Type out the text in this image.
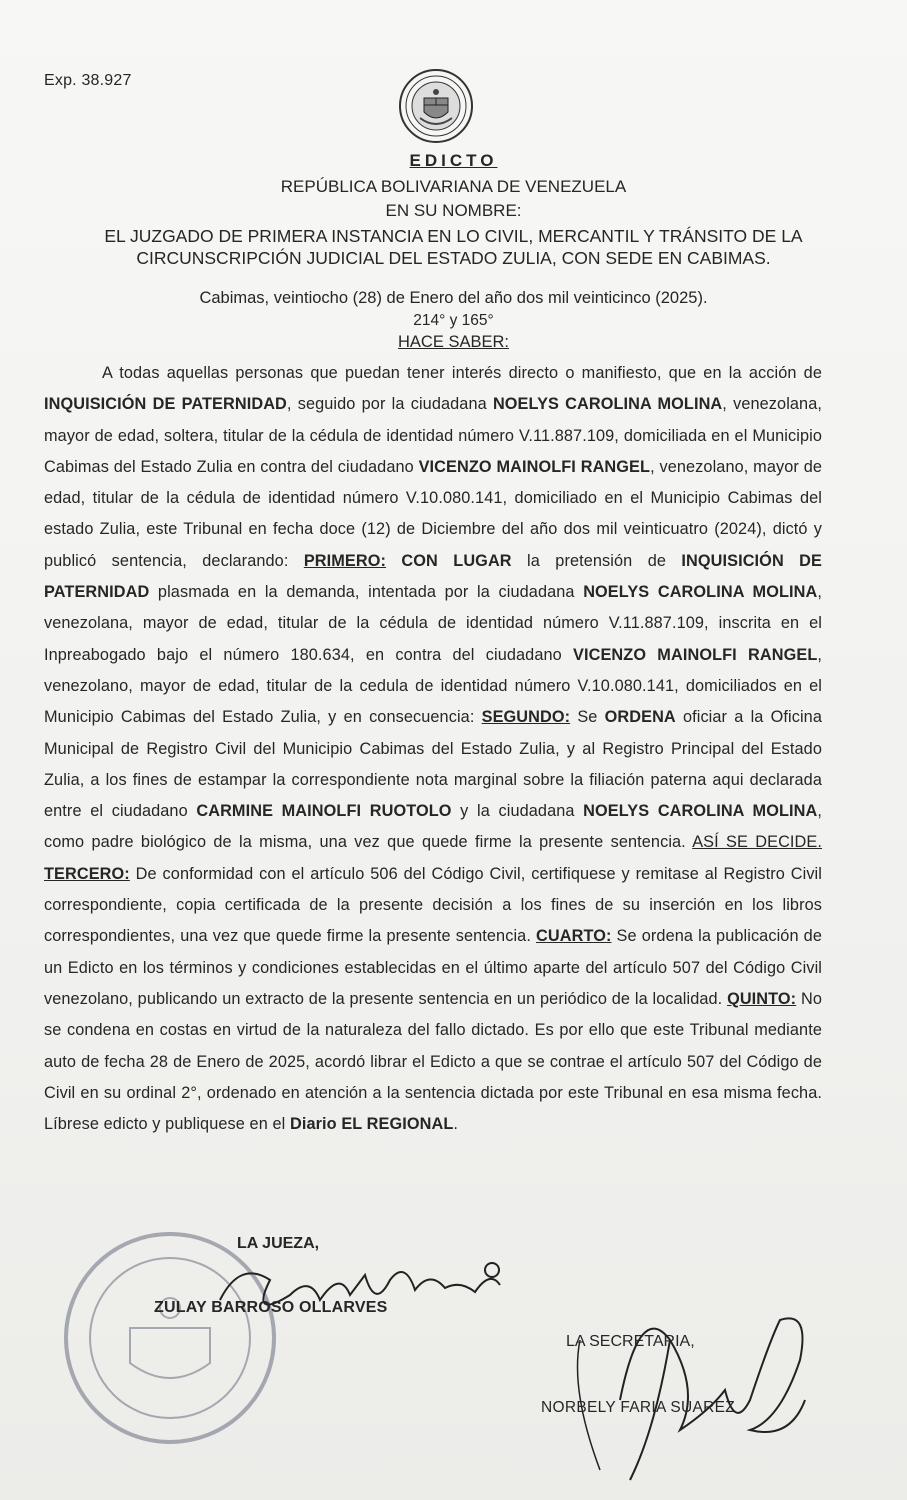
Exp. 38.927
EDICTO
REPÚBLICA BOLIVARIANA DE VENEZUELA
EN SU NOMBRE:
EL JUZGADO DE PRIMERA INSTANCIA EN LO CIVIL, MERCANTIL Y TRÁNSITO DE LA
CIRCUNSCRIPCIÓN JUDICIAL DEL ESTADO ZULIA, CON SEDE EN CABIMAS.
Cabimas, veintiocho (28) de Enero del año dos mil veinticinco (2025).
214° y 165°
HACE SABER:
A todas aquellas personas que puedan tener interés directo o manifiesto, que en la acción de INQUISICIÓN DE PATERNIDAD, seguido por la ciudadana NOELYS CAROLINA MOLINA, venezolana, mayor de edad, soltera, titular de la cédula de identidad número V.11.887.109, domiciliada en el Municipio Cabimas del Estado Zulia en contra del ciudadano VICENZO MAINOLFI RANGEL, venezolano, mayor de edad, titular de la cédula de identidad número V.10.080.141, domiciliado en el Municipio Cabimas del estado Zulia, este Tribunal en fecha doce (12) de Diciembre del año dos mil veinticuatro (2024), dictó y publicó sentencia, declarando: PRIMERO: CON LUGAR la pretensión de INQUISICIÓN DE PATERNIDAD plasmada en la demanda, intentada por la ciudadana NOELYS CAROLINA MOLINA, venezolana, mayor de edad, titular de la cédula de identidad número V.11.887.109, inscrita en el Inpreabogado bajo el número 180.634, en contra del ciudadano VICENZO MAINOLFI RANGEL, venezolano, mayor de edad, titular de la cedula de identidad número V.10.080.141, domiciliados en el Municipio Cabimas del Estado Zulia, y en consecuencia: SEGUNDO: Se ORDENA oficiar a la Oficina Municipal de Registro Civil del Municipio Cabimas del Estado Zulia, y al Registro Principal del Estado Zulia, a los fines de estampar la correspondiente nota marginal sobre la filiación paterna aqui declarada entre el ciudadano CARMINE MAINOLFI RUOTOLO y la ciudadana NOELYS CAROLINA MOLINA, como padre biológico de la misma, una vez que quede firme la presente sentencia. ASÍ SE DECIDE. TERCERO: De conformidad con el artículo 506 del Código Civil, certifiquese y remitase al Registro Civil correspondiente, copia certificada de la presente decisión a los fines de su inserción en los libros correspondientes, una vez que quede firme la presente sentencia. CUARTO: Se ordena la publicación de un Edicto en los términos y condiciones establecidas en el último aparte del artículo 507 del Código Civil venezolano, publicando un extracto de la presente sentencia en un periódico de la localidad. QUINTO: No se condena en costas en virtud de la naturaleza del fallo dictado. Es por ello que este Tribunal mediante auto de fecha 28 de Enero de 2025, acordó librar el Edicto a que se contrae el artículo 507 del Código de Civil en su ordinal 2°, ordenado en atención a la sentencia dictada por este Tribunal en esa misma fecha. Líbrese edicto y publiquese en el Diario EL REGIONAL.
LA JUEZA,
ZULAY BARROSO OLLARVES
LA SECRETARIA,
NORBELY FARIA SUAREZ
